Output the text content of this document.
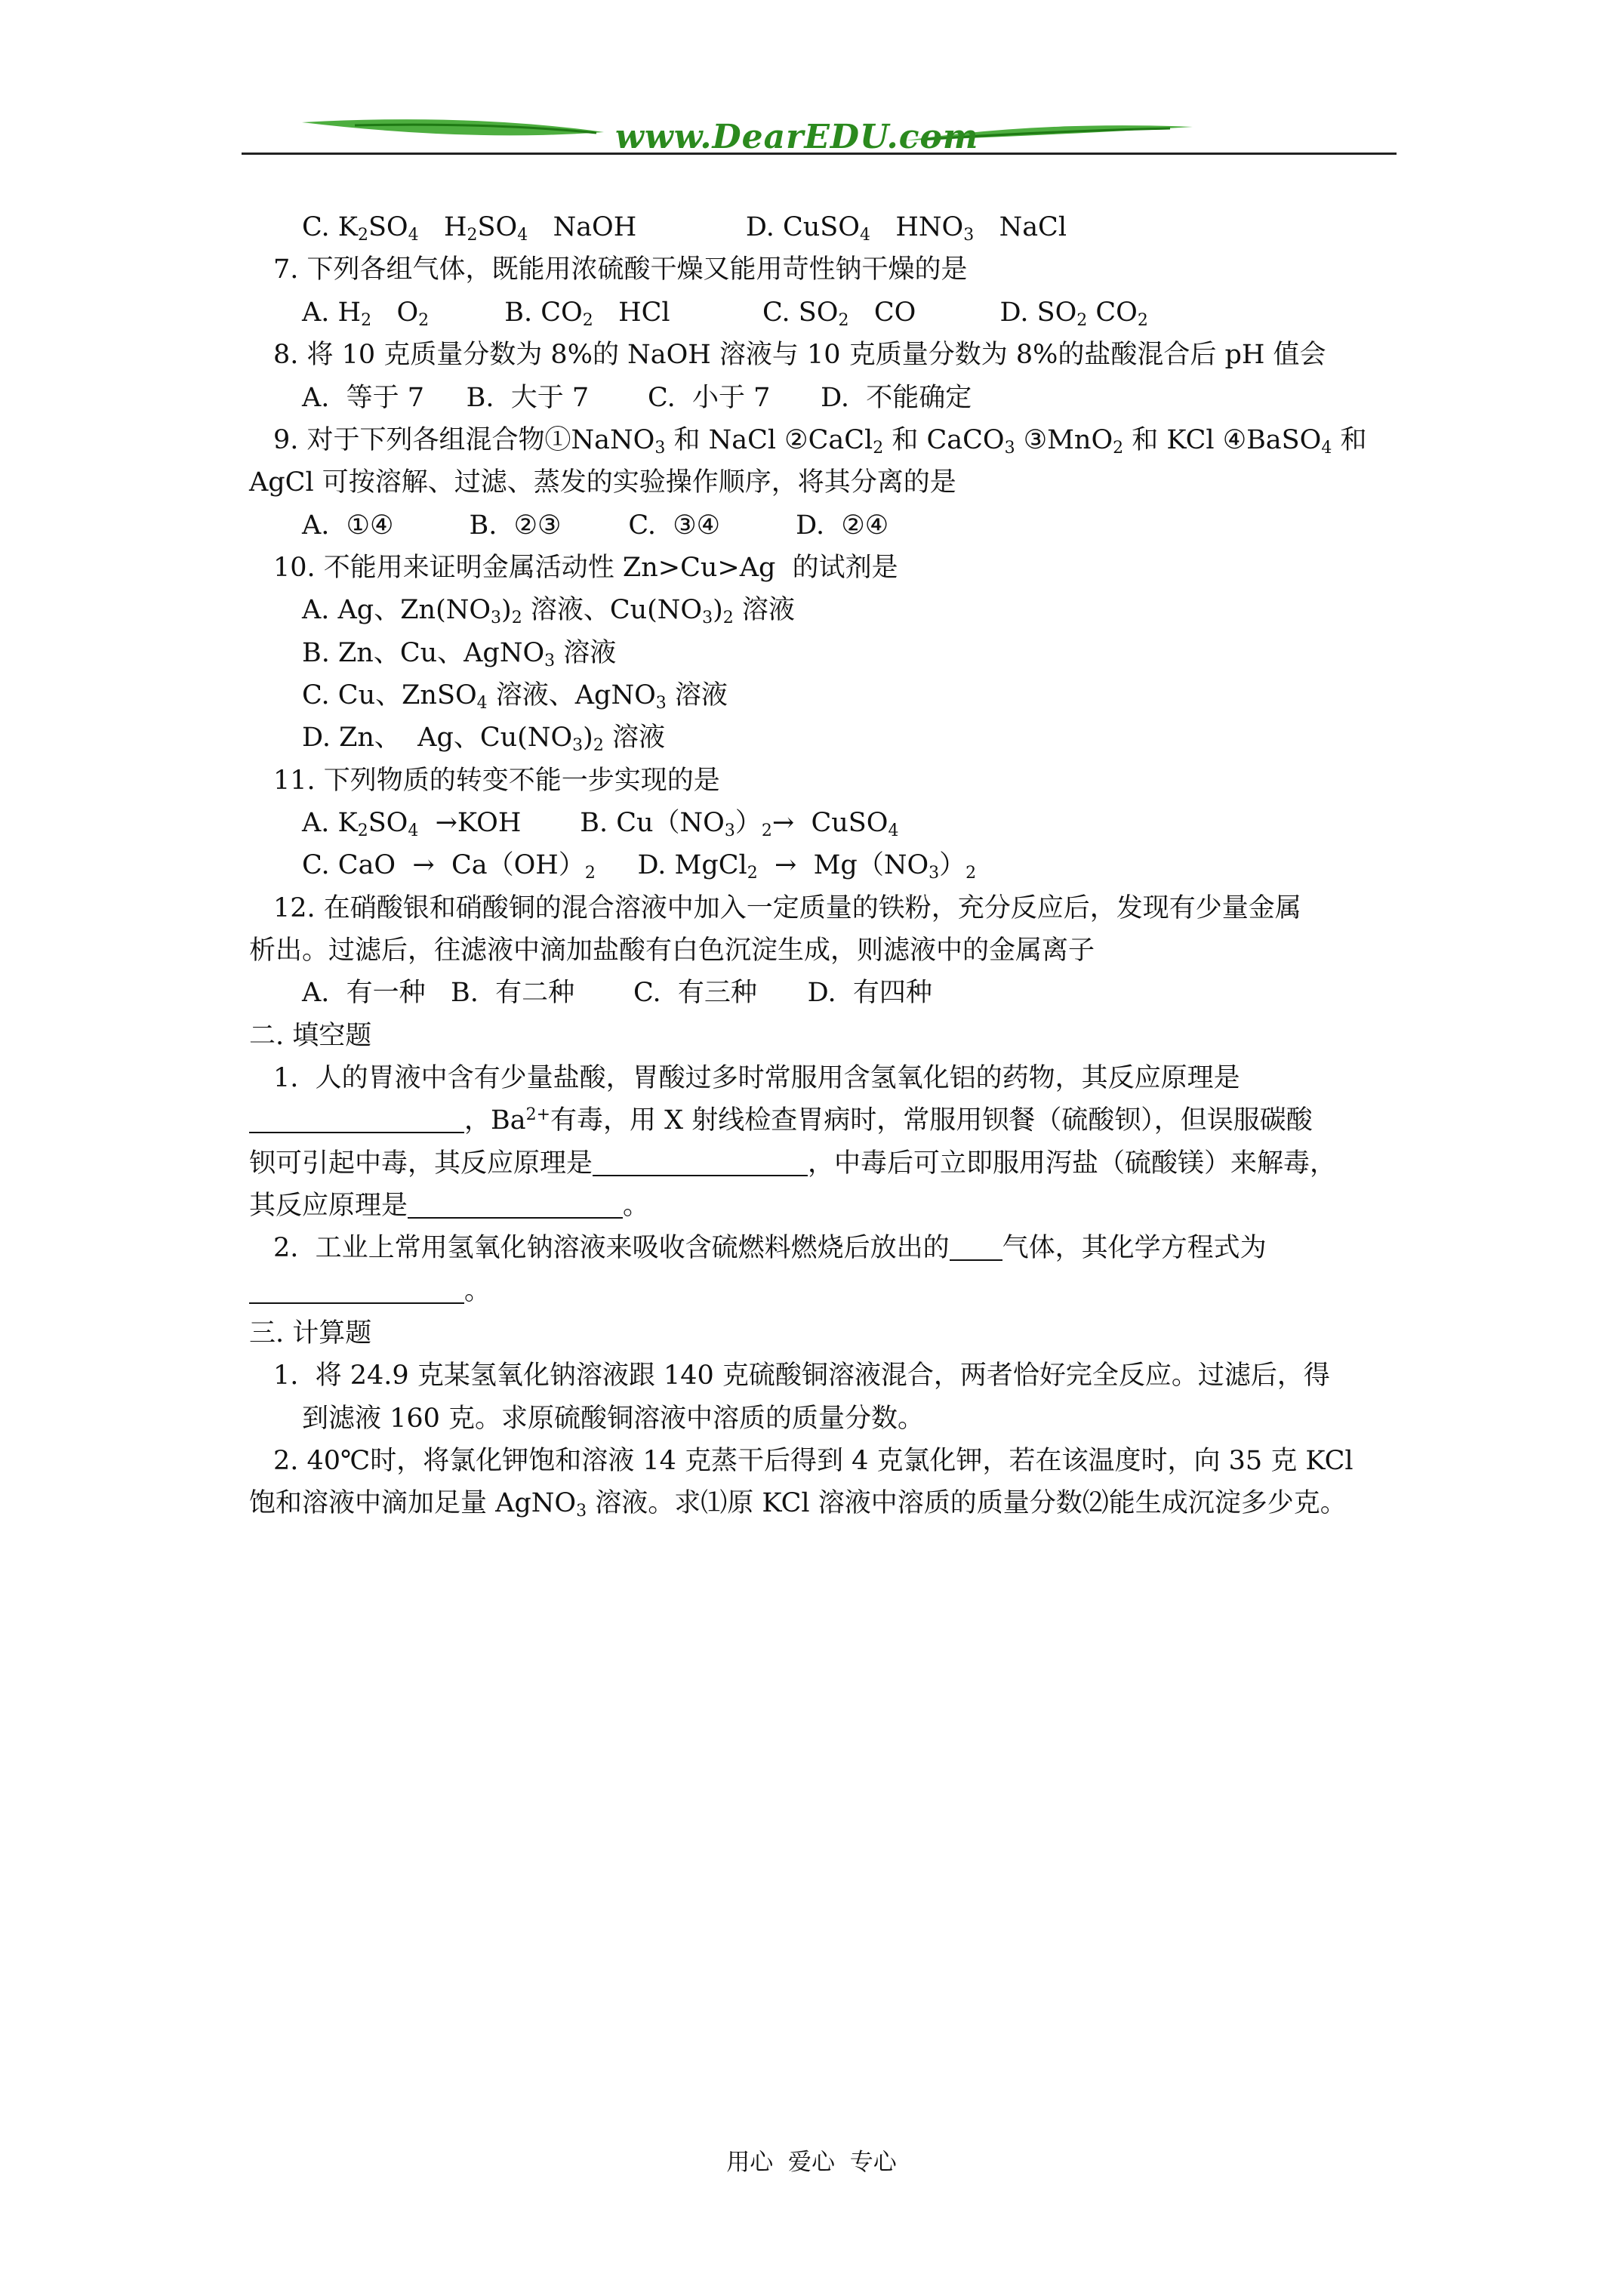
www.DearEDU.com
C. $K_2SO_4$   $H_2SO_4$   NaOH             D. CuSO$_4$   $HNO_3$   NaCl
7. 下列各组气体，既能用浓硫酸干燥又能用苛性钠干燥的是
A. $H_2$   $O_2$         B. $CO_2$   HCl           C. $SO_2$   CO          D. $SO_2$ $CO_2$
8. 将 10 克质量分数为 8%的 NaOH 溶液与 10 克质量分数为 8%的盐酸混合后 pH 值会
A.  等于 7     B.  大于 7       C.  小于 7      D.  不能确定
9. 对于下列各组混合物①NaNO$_3$ 和 NaCl ②CaCl$_2$ 和 CaCO$_3$ ③MnO$_2$ 和 KCl ④BaSO$_4$ 和
AgCl 可按溶解、过滤、蒸发的实验操作顺序，将其分离的是
A.  ①④         B.  ②③        C.  ③④         D.  ②④
10. 不能用来证明金属活动性 Zn>Cu>Ag  的试剂是
A. Ag、$Zn(NO_3)_2$ 溶液、$Cu(NO_3)_2$ 溶液
B. Zn、Cu、AgNO$_3$ 溶液
C. Cu、ZnSO$_4$ 溶液、AgNO$_3$ 溶液
D. Zn、  Ag、$Cu(NO_3)_2$ 溶液
11. 下列物质的转变不能一步实现的是
A. $K_2SO_4 \to KOH$       B. $Cu(NO_3)_2\to$  CuSO$_4$
C. CaO  →  $Ca(OH)_2$     D. MgCl$_2$  →  $Mg(NO_3)_2$
12. 在硝酸银和硝酸铜的混合溶液中加入一定质量的铁粉，充分反应后，发现有少量金属
析出。过滤后，往滤液中滴加盐酸有白色沉淀生成，则滤液中的金属离子
A.  有一种   B.  有二种       C.  有三种      D.  有四种
二. 填空题
1.  人的胃液中含有少量盐酸，胃酸过多时常服用含氢氧化铝的药物，其反应原理是
，$Ba^{2+}$有毒，用 X 射线检查胃病时，常服用钡餐（硫酸钡），但误服碳酸
钡可引起中毒，其反应原理是	，中毒后可立即服用泻盐（硫酸镁）来解毒，
其反应原理是	。
2.  工业上常用氢氧化钠溶液来吸收含硫燃料燃烧后放出的 气体，其化学方程式为
。
三. 计算题
1.  将 24.9 克某氢氧化钠溶液跟 140 克硫酸铜溶液混合，两者恰好完全反应。过滤后，得
到滤液 160 克。求原硫酸铜溶液中溶质的质量分数。
2. 40℃时，将氯化钾饱和溶液 14 克蒸干后得到 4 克氯化钾，若在该温度时，向 35 克 KCl
饱和溶液中滴加足量 AgNO$_3$ 溶液。求⑴原 KCl 溶液中溶质的质量分数⑵能生成沉淀多少克。
用心  爱心  专心
